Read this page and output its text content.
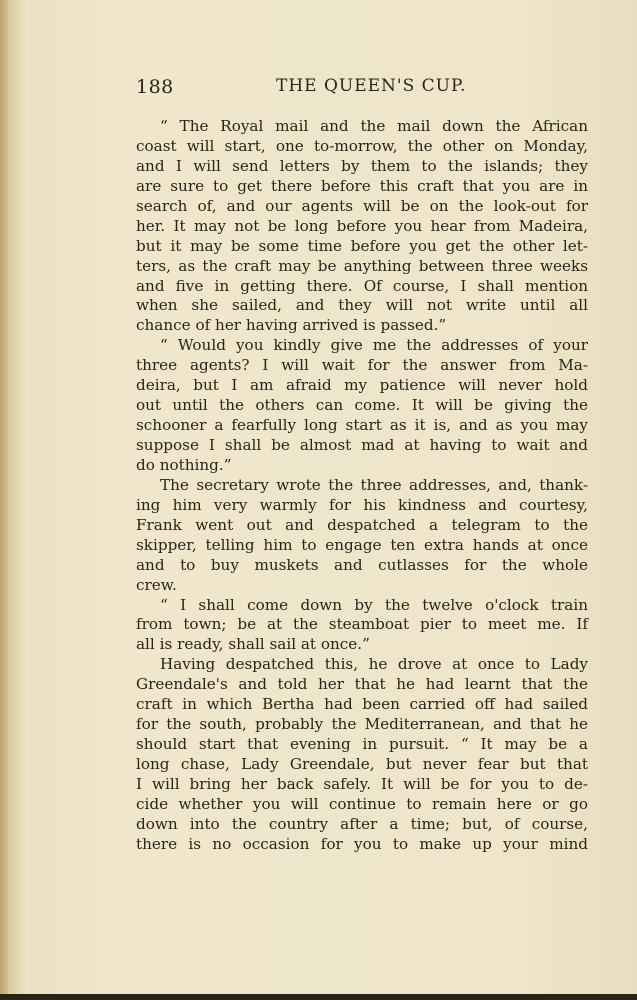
188	THE QUEEN'S CUP.
“ The Royal mail and the mail down the African
coast will start, one to-morrow, the other on Monday,
and I will send letters by them to the islands; they
are sure to get there before this craft that you are in
search of, and our agents will be on the look-out for
her. It may not be long before you hear from Madeira,
but it may be some time before you get the other let-
ters, as the craft may be anything between three weeks
and five in getting there. Of course, I shall mention
when she sailed, and they will not write until all
chance of her having arrived is passed.”
“ Would you kindly give me the addresses of your
three agents? I will wait for the answer from Ma-
deira, but I am afraid my patience will never hold
out until the others can come. It will be giving the
schooner a fearfully long start as it is, and as you may
suppose I shall be almost mad at having to wait and
do nothing.”
The secretary wrote the three addresses, and, thank-
ing him very warmly for his kindness and courtesy,
Frank went out and despatched a telegram to the
skipper, telling him to engage ten extra hands at once
and to buy muskets and cutlasses for the whole
crew.
“ I shall come down by the twelve o'clock train
from town; be at the steamboat pier to meet me. If
all is ready, shall sail at once.”
Having despatched this, he drove at once to Lady
Greendale's and told her that he had learnt that the
craft in which Bertha had been carried off had sailed
for the south, probably the Mediterranean, and that he
should start that evening in pursuit. “ It may be a
long chase, Lady Greendale, but never fear but that
I will bring her back safely. It will be for you to de-
cide whether you will continue to remain here or go
down into the country after a time; but, of course,
there is no occasion for you to make up your mind
